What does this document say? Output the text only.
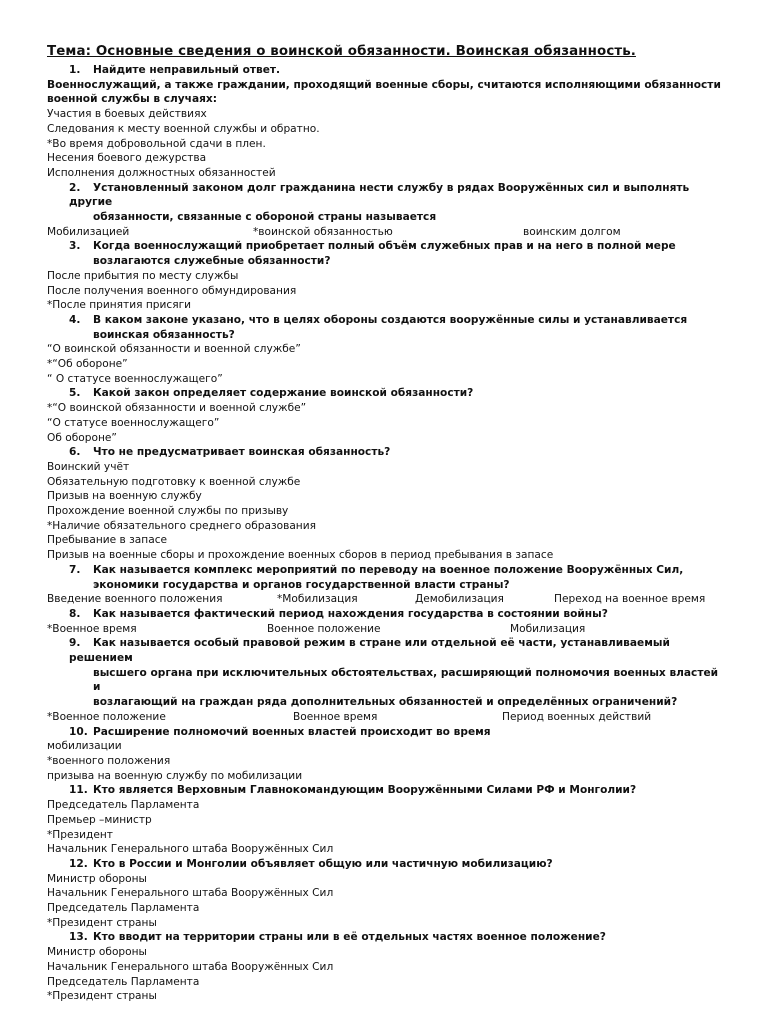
Тема: Основные сведения о воинской обязанности. Воинская обязанность.
1. Найдите неправильный ответ.
Военнослужащий, а также граждании, проходящий военные сборы, считаются исполняющими обязанности
военной службы в случаях:
Участия в боевых действиях
Следования к месту военной службы и обратно.
*Во время добровольной сдачи в плен.
Несения боевого дежурства
Исполнения должностных обязанностей
2. Установленный законом долг гражданина нести службу в рядах Вооружённых сил и выполнять другие
обязанности, связанные с обороной страны называется
Мобилизацией	*воинской обязанностью	воинским долгом
3. Когда военнослужащий приобретает полный объём служебных прав и на него в полной мере
возлагаются служебные обязанности?
После прибытия по месту службы
После получения военного обмундирования
*После принятия присяги
4. В каком законе указано, что в целях обороны создаются вооружённые силы и устанавливается
воинская обязанность?
“О воинской обязанности и военной службе”
*“Об обороне”
“ О статусе военнослужащего”
5. Какой закон определяет содержание воинской обязанности?
*“О воинской обязанности и военной службе”
“О статусе военнослужащего”
Об обороне”
6. Что не предусматривает воинская обязанность?
Воинский учёт
Обязательную подготовку к военной службе
Призыв на военную службу
Прохождение военной службы по призыву
*Наличие обязательного среднего образования
Пребывание в запасе
Призыв на военные сборы и прохождение военных сборов в период пребывания в запасе
7. Как называется комплекс мероприятий по переводу на военное положение Вооружённых Сил,
экономики государства и органов государственной власти страны?
Введение военного положения	*Мобилизация	Демобилизация	Переход на военное время
8. Как называется фактический период нахождения государства в состоянии войны?
*Военное время	Военное положение	Мобилизация
9. Как называется особый правовой режим в стране или отдельной её части, устанавливаемый решением
высшего органа при исключительных обстоятельствах, расширяющий полномочия военных властей и
возлагающий на граждан ряда дополнительных обязанностей и определённых ограничений?
*Военное положение	Военное время	Период военных действий
10. Расширение полномочий военных властей происходит во время
мобилизации
*военного положения
призыва на военную службу по мобилизации
11. Кто является Верховным Главнокомандующим Вооружёнными Силами РФ и Монголии?
Председатель Парламента
Премьер –министр
*Президент
Начальник Генерального штаба Вооружённых Сил
12. Кто в России и Монголии объявляет общую или частичную мобилизацию?
Министр обороны
Начальник Генерального штаба Вооружённых Сил
Председатель Парламента
*Президент страны
13. Кто вводит на территории страны или в её отдельных частях военное положение?
Министр обороны
Начальник Генерального штаба Вооружённых Сил
Председатель Парламента
*Президент страны
